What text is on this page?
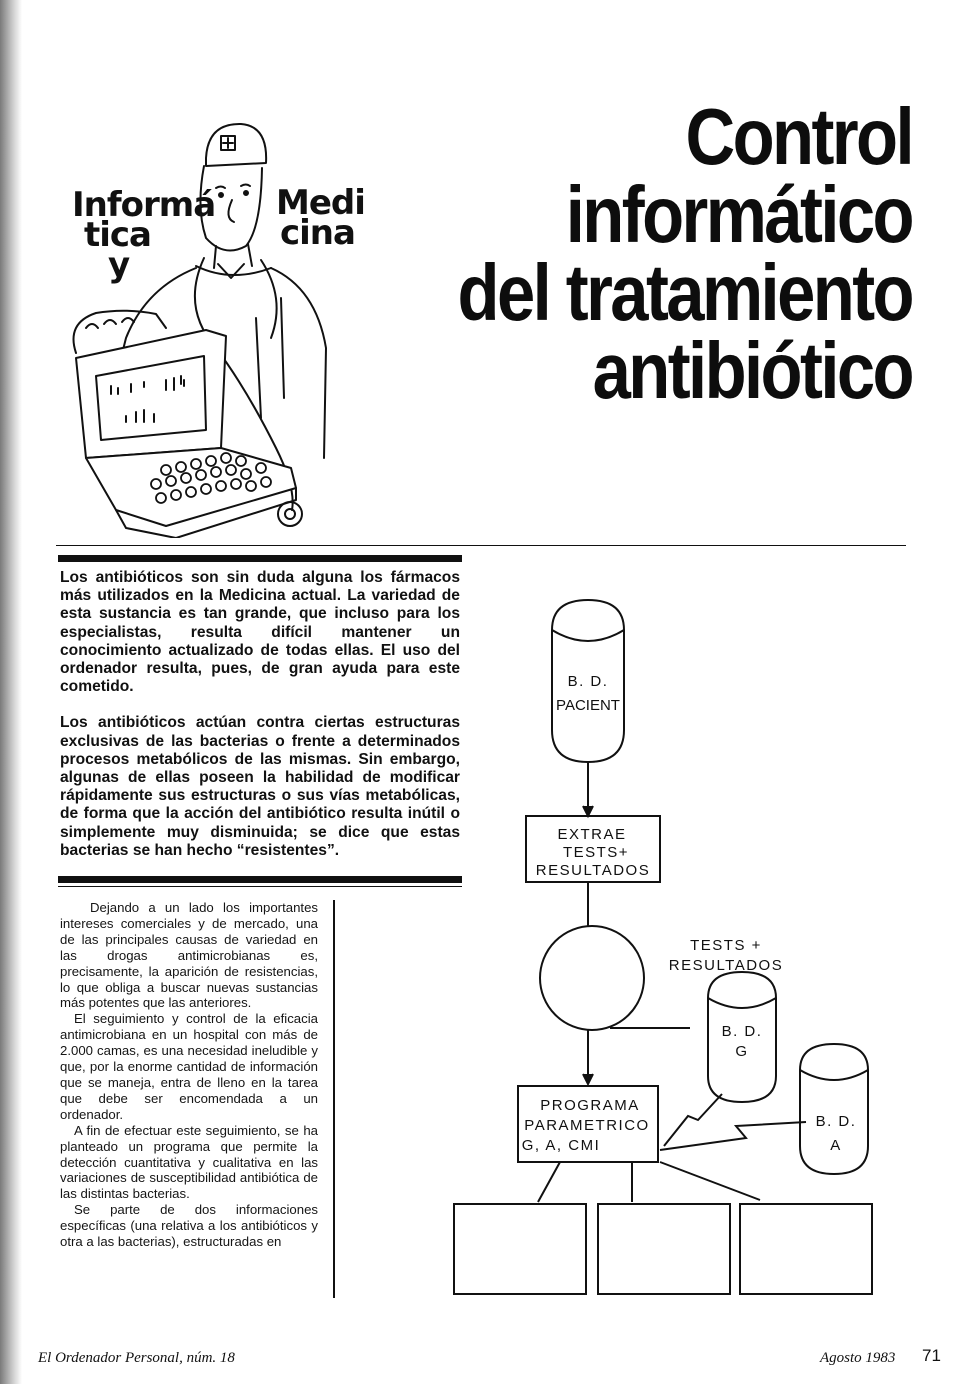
Informá
tica
y
Medi
cina
Control informático
del tratamiento
antibiótico

Los antibióticos son sin duda alguna los fármacos más utilizados en la Medicina actual. La variedad de esta sustancia es tan grande, que incluso para los especialistas, resulta difícil mantener un conocimiento actualizado de todas ellas. El uso del ordenador resulta, pues, de gran ayuda para este cometido.

Los antibióticos actúan contra ciertas estructuras exclusivas de las bacterias o frente a determinados procesos metabólicos de las mismas. Sin embargo, algunas de ellas poseen la habilidad de modificar rápidamente sus estructuras o sus vías metabólicas, de forma que la acción del antibiótico resulta inútil o simplemente muy disminuida; se dice que estas bacterias se han hecho “resistentes”.

Dejando a un lado los importantes intereses comerciales y de mercado, una de las principales causas de variedad en las drogas antimicrobianas es, precisamente, la aparición de resistencias, lo que obliga a buscar nuevas sustancias más potentes que las anteriores.

El seguimiento y control de la eficacia antimicrobiana en un hospital con más de 2.000 camas, es una necesidad ineludible y que, por la enorme cantidad de información que se maneja, entra de lleno en la tarea que debe ser encomendada a un ordenador.

A fin de efectuar este seguimiento, se ha planteado un programa que permite la detección cuantitativa y cualitativa en las variaciones de susceptibilidad antibiótica de las distintas bacterias.

Se parte de dos informaciones específicas (una relativa a los antibióticos y otra a las bacterias), estructuradas en

B. D.
PACIENT
EXTRAE
TESTS+
RESULTADOS
TESTS +
RESULTADOS
B. D.
G
PROGRAMA
PARAMETRICO
G, A, CMI
B. D.
A
El Ordenador Personal, núm. 18	Agosto 1983 71
